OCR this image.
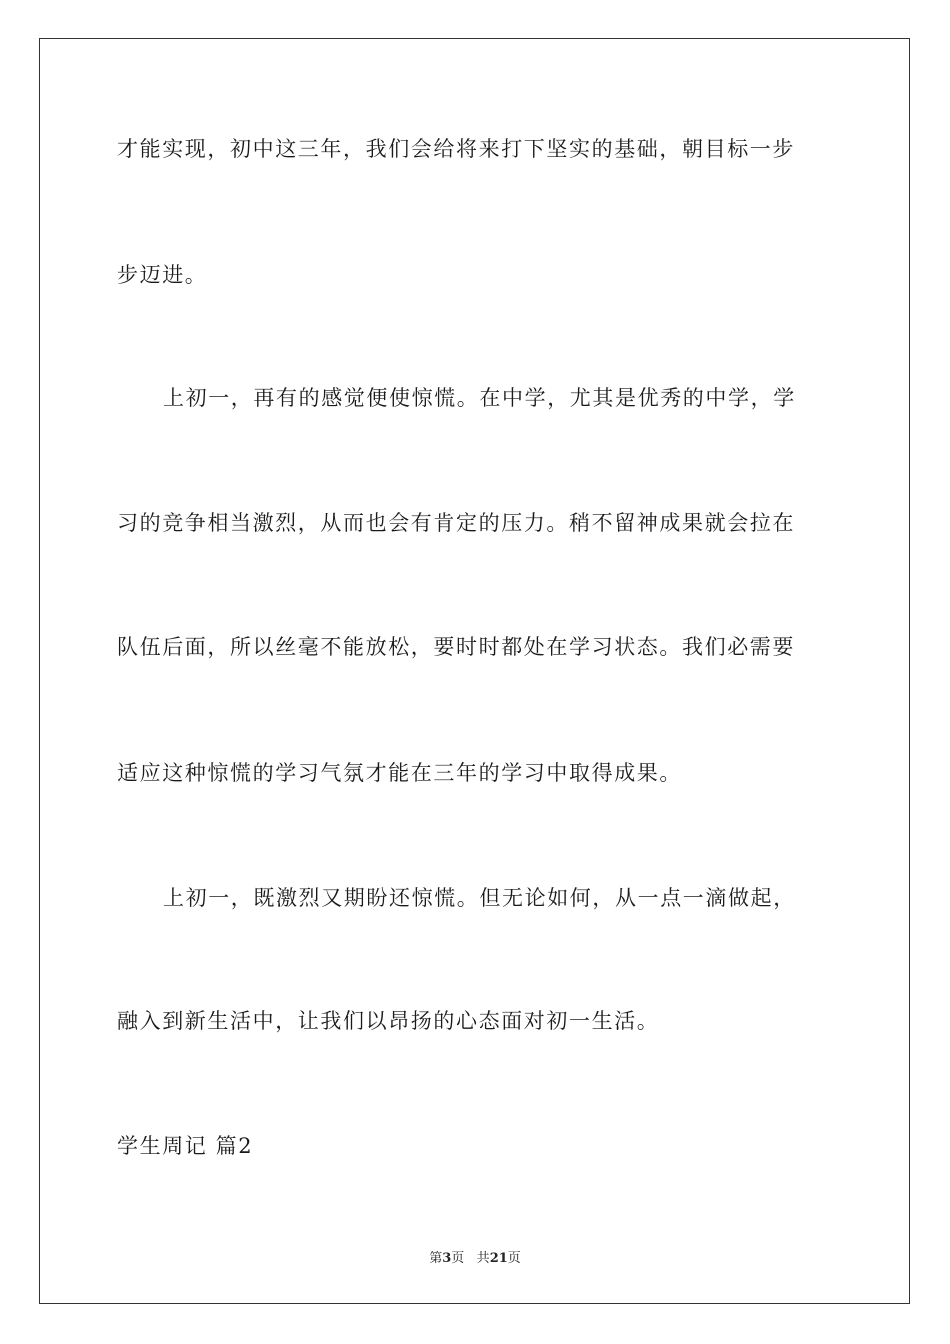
才能实现，初中这三年，我们会给将来打下坚实的基础，朝目标一步
步迈进。
上初一，再有的感觉便使惊慌。在中学，尤其是优秀的中学，学
习的竞争相当激烈，从而也会有肯定的压力。稍不留神成果就会拉在
队伍后面，所以丝毫不能放松，要时时都处在学习状态。我们必需要
适应这种惊慌的学习气氛才能在三年的学习中取得成果。
上初一，既激烈又期盼还惊慌。但无论如何，从一点一滴做起，
融入到新生活中，让我们以昂扬的心态面对初一生活。
学生周记 篇2
第3页 共21页
